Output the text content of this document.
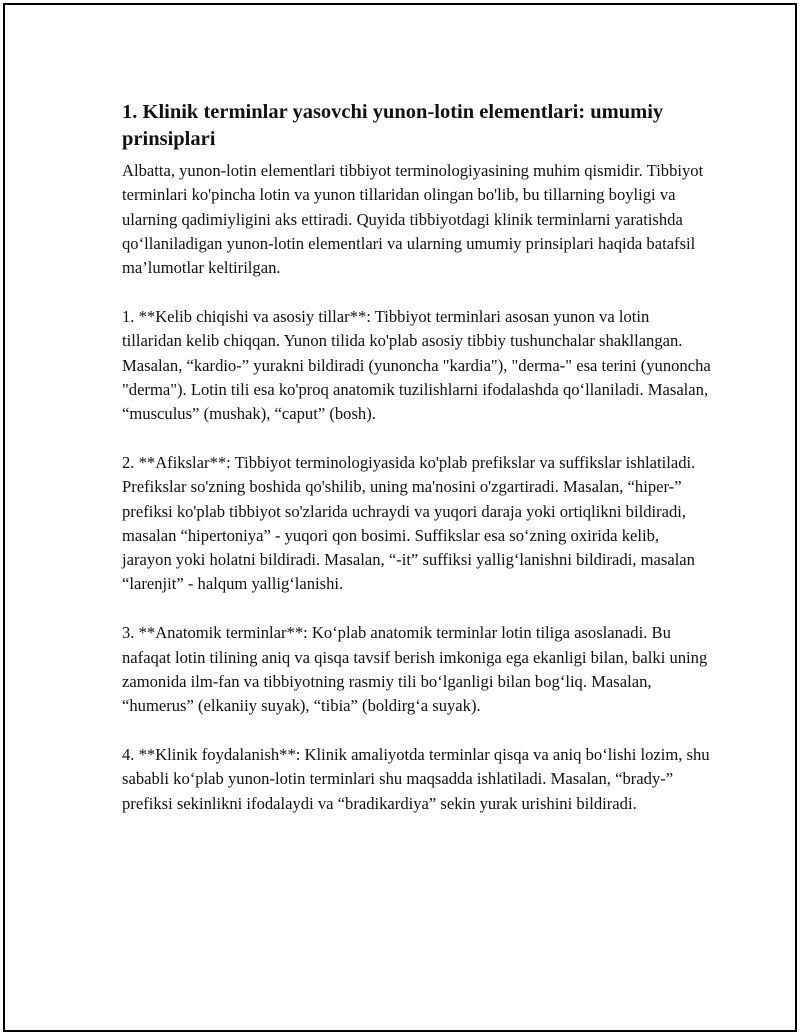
1. Klinik terminlar yasovchi yunon-lotin elementlari: umumiy prinsiplari

Albatta, yunon-lotin elementlari tibbiyot terminologiyasining muhim qismidir. Tibbiyot terminlari ko'pincha lotin va yunon tillaridan olingan bo'lib, bu tillarning boyligi va ularning qadimiyligini aks ettiradi. Quyida tibbiyotdagi klinik terminlarni yaratishda qo‘llaniladigan yunon-lotin elementlari va ularning umumiy prinsiplari haqida batafsil ma’lumotlar keltirilgan.

1. **Kelib chiqishi va asosiy tillar**: Tibbiyot terminlari asosan yunon va lotin tillaridan kelib chiqqan. Yunon tilida ko'plab asosiy tibbiy tushunchalar shakllangan. Masalan, “kardio-” yurakni bildiradi (yunoncha "kardia"), "derma-" esa terini (yunoncha "derma"). Lotin tili esa ko'proq anatomik tuzilishlarni ifodalashda qo‘llaniladi. Masalan, “musculus” (mushak), “caput” (bosh).

2. **Afikslar**: Tibbiyot terminologiyasida ko'plab prefikslar va suffikslar ishlatiladi. Prefikslar so'zning boshida qo'shilib, uning ma'nosini o'zgartiradi. Masalan, “hiper-” prefiksi ko'plab tibbiyot so'zlarida uchraydi va yuqori daraja yoki ortiqlikni bildiradi, masalan “hipertoniya” - yuqori qon bosimi. Suffikslar esa so‘zning oxirida kelib, jarayon yoki holatni bildiradi. Masalan, “-it” suffiksi yallig‘lanishni bildiradi, masalan “larenjit” - halqum yallig‘lanishi.

3. **Anatomik terminlar**: Ko‘plab anatomik terminlar lotin tiliga asoslanadi. Bu nafaqat lotin tilining aniq va qisqa tavsif berish imkoniga ega ekanligi bilan, balki uning zamonida ilm-fan va tibbiyotning rasmiy tili bo‘lganligi bilan bog‘liq. Masalan, “humerus” (elkaniiy suyak), “tibia” (boldirg‘a suyak).

4. **Klinik foydalanish**: Klinik amaliyotda terminlar qisqa va aniq bo‘lishi lozim, shu sababli ko‘plab yunon-lotin terminlari shu maqsadda ishlatiladi. Masalan, “brady-” prefiksi sekinlikni ifodalaydi va “bradikardiya” sekin yurak urishini bildiradi.
